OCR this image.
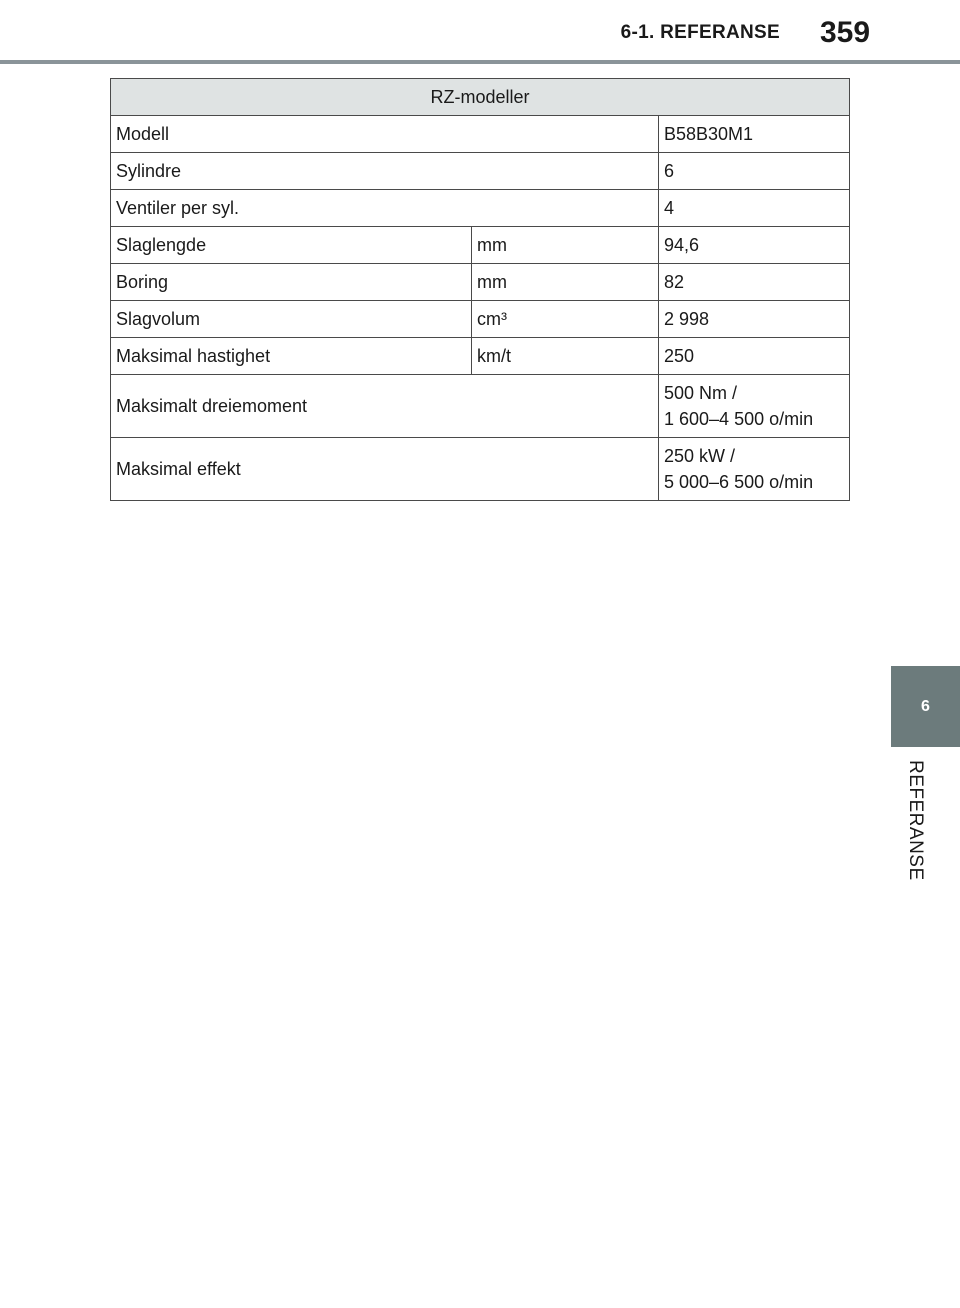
6-1. REFERANSE	359
6
REFERANSE
RZ-modeller		
Modell		B58B30M1
Sylindre		6
Ventiler per syl.		4
Slaglengde	mm	94,6
Boring	mm	82
Slagvolum	cm³	2 998
Maksimal hastighet	km/t	250
Maksimalt dreiemoment		500 Nm /
1 600–4 500 o/min

Maksimal effekt		250 kW /
5 000–6 500 o/min
